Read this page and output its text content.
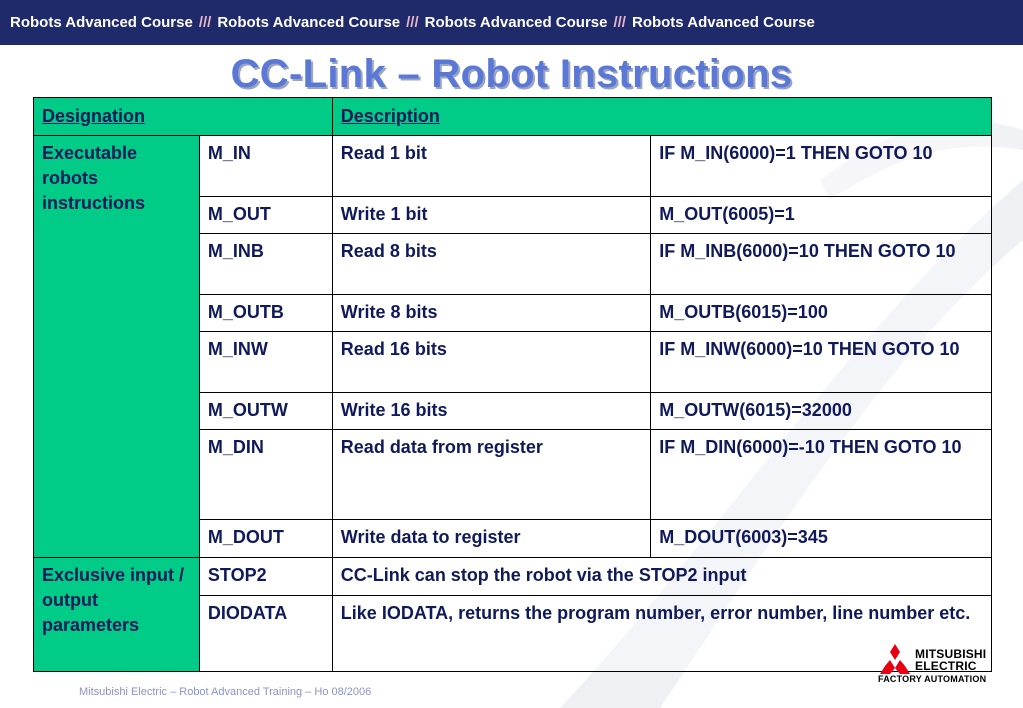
Robots Advanced Course /// Robots Advanced Course /// Robots Advanced Course /// Robots Advanced Course
CC-Link – Robot Instructions
Designation		Description	
Executable robots instructions	M_IN	Read 1 bit	IF M_IN(6000)=1 THEN GOTO 10
	M_OUT	Write 1 bit	M_OUT(6005)=1
	M_INB	Read 8 bits	IF M_INB(6000)=10 THEN GOTO 10
	M_OUTB	Write 8 bits	M_OUTB(6015)=100
	M_INW	Read 16 bits	IF M_INW(6000)=10 THEN GOTO 10
	M_OUTW	Write 16 bits	M_OUTW(6015)=32000
	M_DIN	Read data from register	IF M_DIN(6000)=-10 THEN GOTO 10
	M_DOUT	Write data to register	M_DOUT(6003)=345
Exclusive input / output parameters	STOP2	CC-Link can stop the robot via the STOP2 input	
	DIODATA	Like IODATA, returns the program number, error number, line number etc.	
Mitsubishi Electric – Robot Advanced Training – Ho 08/2006
MITSUBISHI
ELECTRIC
FACTORY AUTOMATION
